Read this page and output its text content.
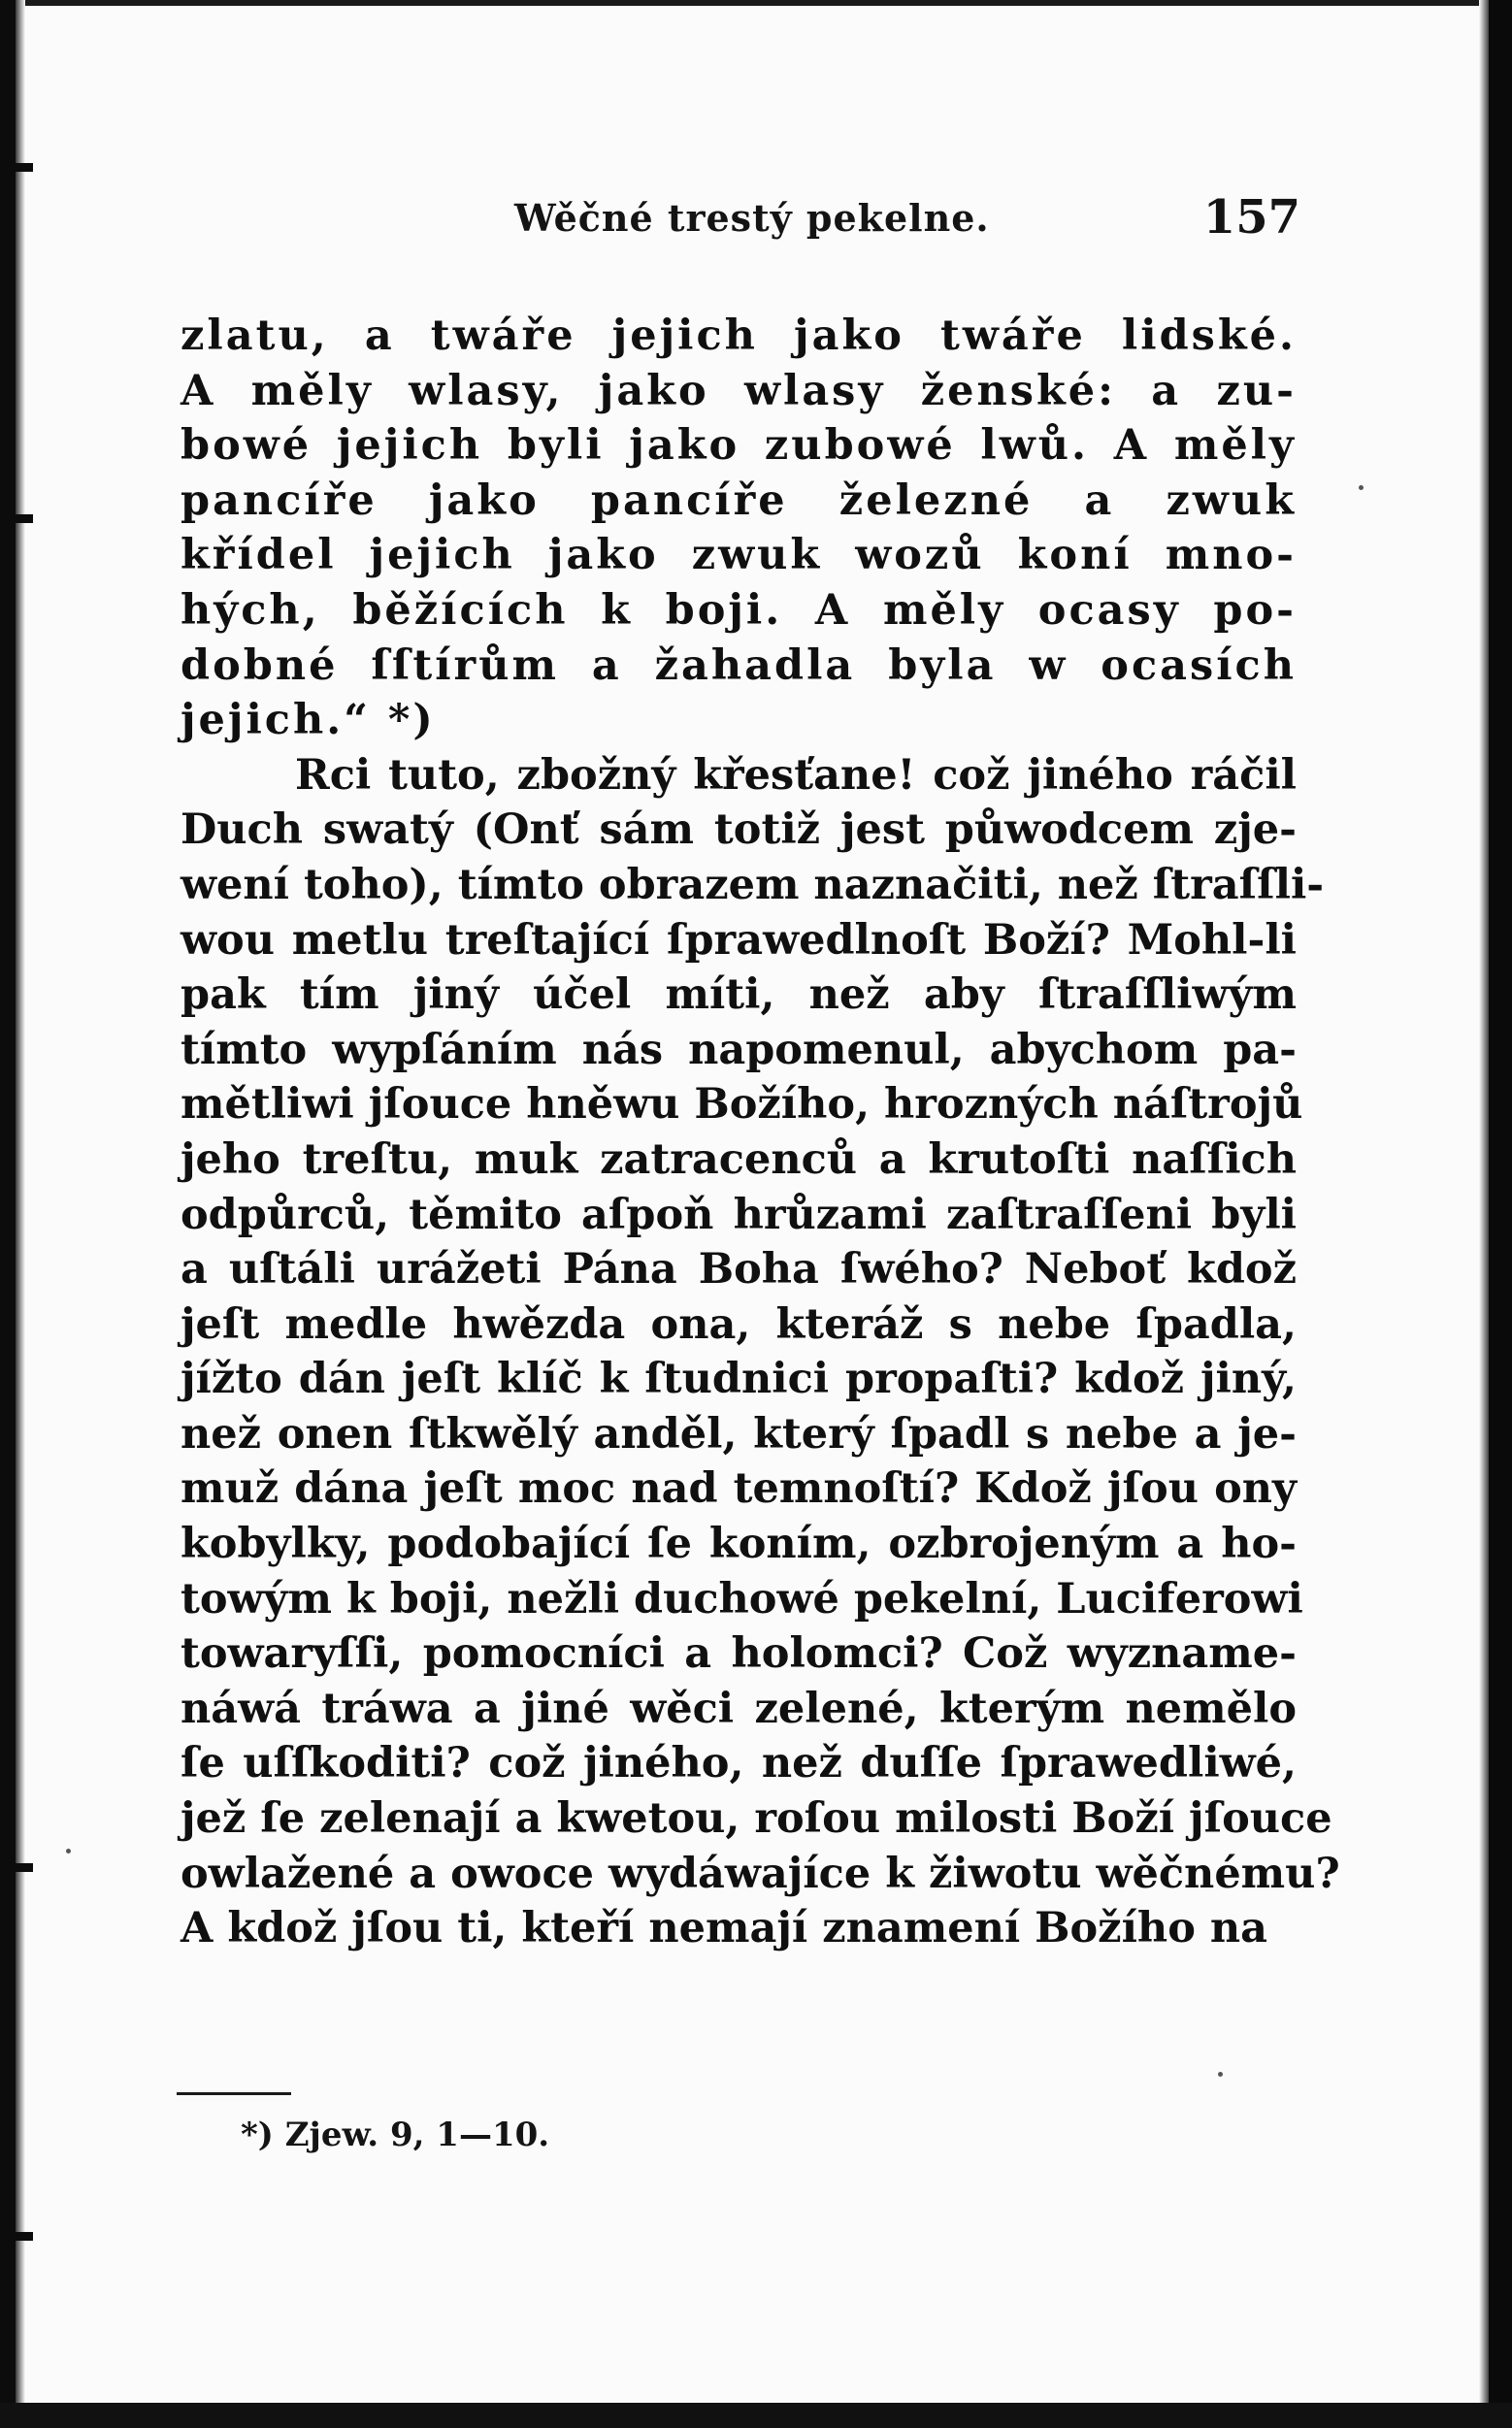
Wěčné trestý pekelne.	157
zlatu, a twáře jejich jako twáře lidské.
A měly wlasy, jako wlasy ženské: a zu-
bowé jejich byli jako zubowé lwů. A měly
pancíře jako pancíře železné a zwuk
křídel jejich jako zwuk wozů koní mno-
hých, běžících k boji. A měly ocasy po-
dobné ſſtírům a žahadla byla w ocasích
jejich.“ *)
Rci tuto, zbožný křesťane! což jiného ráčil
Duch swatý (Onť sám totiž jest půwodcem zje-
wení toho), tímto obrazem naznačiti, než ſtraſſli-
wou metlu treſtající ſprawedlnoſt Boží? Mohl-li
pak tím jiný účel míti, než aby ſtraſſliwým
tímto wypſáním nás napomenul, abychom pa-
mětliwi jſouce hněwu Božího, hrozných náſtrojů
jeho treſtu, muk zatracenců a krutoſti naſſich
odpůrců, těmito aſpoň hrůzami zaſtraſſeni byli
a uſtáli urážeti Pána Boha ſwého? Neboť kdož
jeſt medle hwězda ona, kteráž s nebe ſpadla,
jížto dán jeſt klíč k ſtudnici propaſti? kdož jiný,
než onen ſtkwělý anděl, který ſpadl s nebe a je-
muž dána jeſt moc nad temnoſtí? Kdož jſou ony
kobylky, podobající ſe koním, ozbrojeným a ho-
towým k boji, nežli duchowé pekelní, Luciferowi
towaryſſi, pomocníci a holomci? Což wyzname-
náwá tráwa a jiné wěci zelené, kterým nemělo
ſe uſſkoditi? což jiného, než duſſe ſprawedliwé,
jež ſe zelenají a kwetou, roſou milosti Boží jſouce
owlažené a owoce wydáwajíce k žiwotu wěčnému?
A kdož jſou ti, kteří nemají znamení Božího na
*) Zjew. 9, 1—10.
